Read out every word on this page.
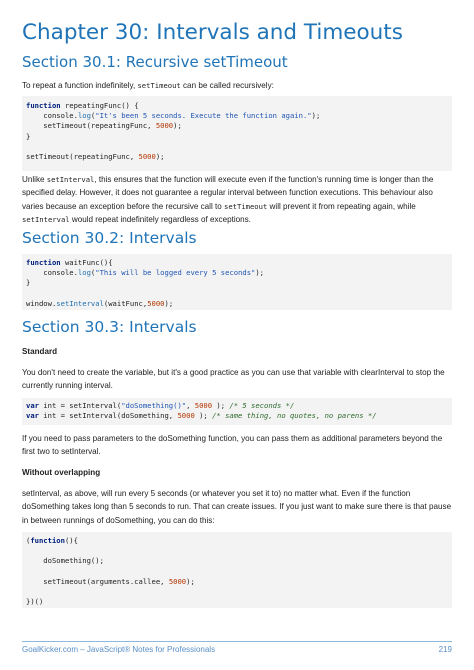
Chapter 30: Intervals and Timeouts
Section 30.1: Recursive setTimeout
To repeat a function indefinitely, setTimeout can be called recursively:
function repeatingFunc() {
console.log("It's been 5 seconds. Execute the function again.");
setTimeout(repeatingFunc, 5000);
}
setTimeout(repeatingFunc, 5000);
Unlike setInterval, this ensures that the function will execute even if the function's running time is longer than the specified delay. However, it does not guarantee a regular interval between function executions. This behaviour also varies because an exception before the recursive call to setTimeout will prevent it from repeating again, while setInterval would repeat indefinitely regardless of exceptions.
Section 30.2: Intervals
function waitFunc(){
console.log("This will be logged every 5 seconds");
}
window.setInterval(waitFunc,5000);
Section 30.3: Intervals
Standard
You don't need to create the variable, but it's a good practice as you can use that variable with clearInterval to stop the currently running interval.
var int = setInterval("doSomething()", 5000 ); /* 5 seconds */
var int = setInterval(doSomething, 5000 ); /* same thing, no quotes, no parens */
If you need to pass parameters to the doSomething function, you can pass them as additional parameters beyond the first two to setInterval.
Without overlapping
setInterval, as above, will run every 5 seconds (or whatever you set it to) no matter what. Even if the function doSomething takes long than 5 seconds to run. That can create issues. If you just want to make sure there is that pause in between runnings of doSomething, you can do this:
(function(){
doSomething();
setTimeout(arguments.callee, 5000);
})()
GoalKicker.com – JavaScript® Notes for Professionals	219
